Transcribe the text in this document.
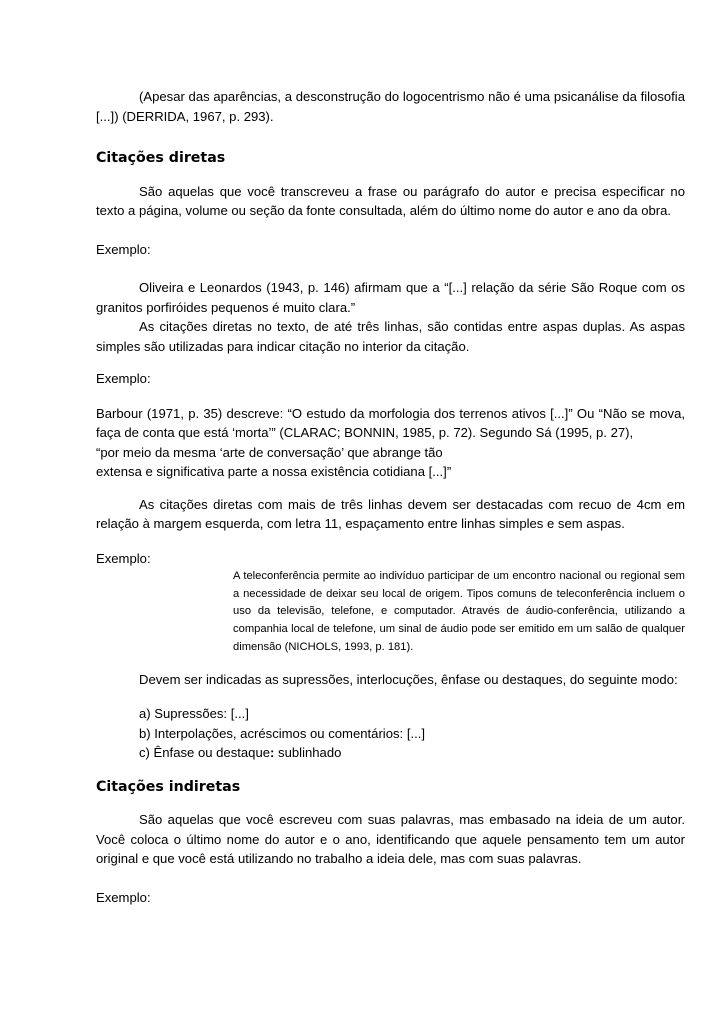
(Apesar das aparências, a desconstrução do logocentrismo não é uma psicanálise da filosofia [...]) (DERRIDA, 1967, p. 293).

Citações diretas

São aquelas que você transcreveu a frase ou parágrafo do autor e precisa especificar no texto a página, volume ou seção da fonte consultada, além do último nome do autor e ano da obra.

Exemplo:

Oliveira e Leonardos (1943, p. 146) afirmam que a “[...] relação da série São Roque com os granitos porfiróides pequenos é muito clara.”

As citações diretas no texto, de até três linhas, são contidas entre aspas duplas. As aspas simples são utilizadas para indicar citação no interior da citação.

Exemplo:

Barbour (1971, p. 35) descreve: “O estudo da morfologia dos terrenos ativos [...]” Ou “Não se mova, faça de conta que está ‘morta’” (CLARAC; BONNIN, 1985, p. 72). Segundo Sá (1995, p. 27),

“por meio da mesma ‘arte de conversação’ que abrange tão

extensa e significativa parte a nossa existência cotidiana [...]”

As citações diretas com mais de três linhas devem ser destacadas com recuo de 4cm em relação à margem esquerda, com letra 11, espaçamento entre linhas simples e sem aspas.

Exemplo:

A teleconferência permite ao indivíduo participar de um encontro nacional ou regional sem a necessidade de deixar seu local de origem. Tipos comuns de teleconferência incluem o uso da televisão, telefone, e computador. Através de áudio-conferência, utilizando a companhia local de telefone, um sinal de áudio pode ser emitido em um salão de qualquer dimensão (NICHOLS, 1993, p. 181).

Devem ser indicadas as supressões, interlocuções, ênfase ou destaques, do seguinte modo:

a) Supressões: [...]

b) Interpolações, acréscimos ou comentários: [...]

c) Ênfase ou destaque: sublinhado

Citações indiretas

São aquelas que você escreveu com suas palavras, mas embasado na ideia de um autor. Você coloca o último nome do autor e o ano, identificando que aquele pensamento tem um autor original e que você está utilizando no trabalho a ideia dele, mas com suas palavras.

Exemplo:
